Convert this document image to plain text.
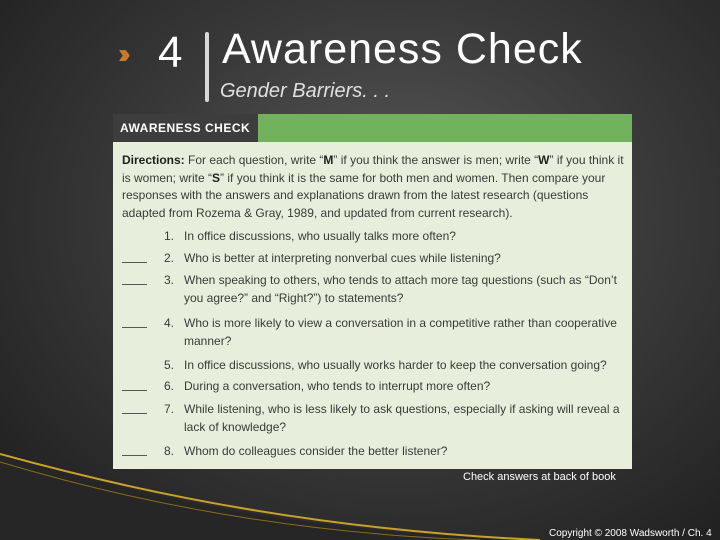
›› 4 Awareness Check
Gender Barriers. . .
AWARENESS CHECK
Directions: For each question, write “M” if you think the answer is men; write “W” if you think it is women; write “S” if you think it is the same for both men and women. Then compare your responses with the answers and explanations drawn from the latest research (questions adapted from Rozema & Gray, 1989, and updated from current research).
1. In office discussions, who usually talks more often?
2. Who is better at interpreting nonverbal cues while listening?
3. When speaking to others, who tends to attach more tag questions (such as “Don’t you agree?” and “Right?”) to statements?
4. Who is more likely to view a conversation in a competitive rather than cooperative manner?
5. In office discussions, who usually works harder to keep the conversation going?
6. During a conversation, who tends to interrupt more often?
7. While listening, who is less likely to ask questions, especially if asking will reveal a lack of knowledge?
8. Whom do colleagues consider the better listener?
Check answers at back of book
Copyright © 2008 Wadsworth / Ch. 4
